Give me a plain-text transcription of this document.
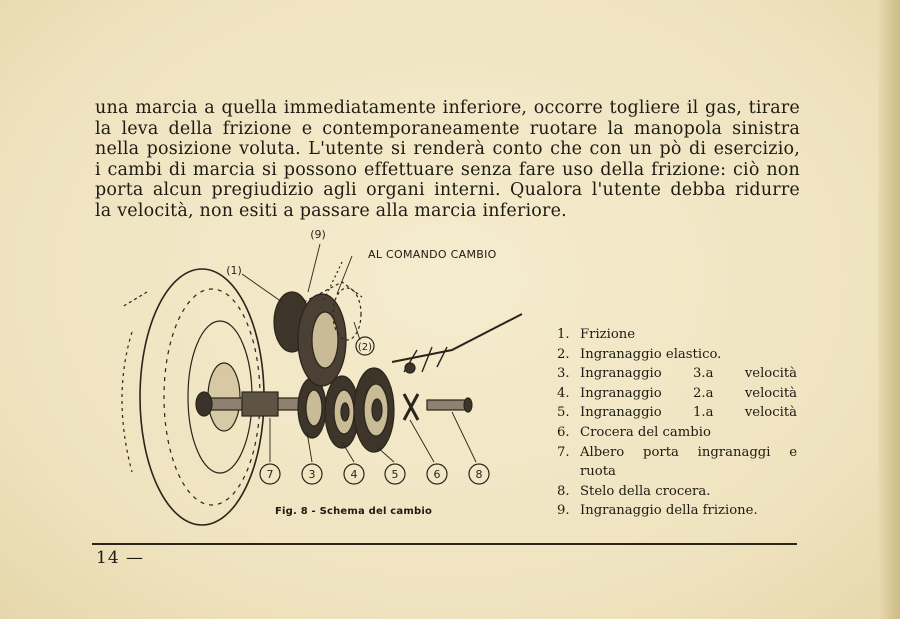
una marcia a quella immediatamente inferiore, occorre togliere il gas, tirare
la leva della frizione e contemporaneamente ruotare la manopola sinistra
nella posizione voluta. L'utente si renderà conto che con un pò di esercizio,
i cambi di marcia si possono effettuare senza fare uso della frizione: ciò non
porta alcun pregiudizio agli organi interni. Qualora l'utente debba ridurre
la velocità, non esiti a passare alla marcia inferiore.
(1)
(2)
(9)
7	3	4	5	6	8
AL COMANDO CAMBIO
Fig. 8 - Schema del cambio
1. Frizione
2. Ingranaggio elastico.
3. Ingranaggio 3.a velocità
4. Ingranaggio 2.a velocità
5. Ingranaggio 1.a velocità
6. Crocera del cambio
7. Albero porta ingranaggi e
ruota
8. Stelo della crocera.
9. Ingranaggio della frizione.
14 —
